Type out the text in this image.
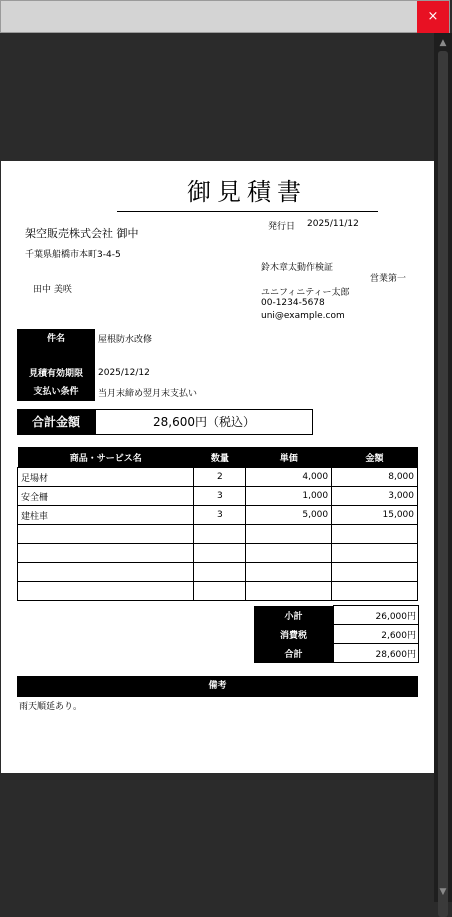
×
▲
▼
御見積書
架空販売株式会社 御中
千葉県船橋市本町3-4-5
田中 美咲
発行日 2025/11/12
鈴木章太動作検証
営業第一
ユニフィニティー太郎
00-1234-5678
uni@example.com
件名	屋根防水改修
見積有効期限	2025/12/12
支払い条件	当月末締め翌月末支払い
合計金額	28,600円（税込）
商品・サービス名	数量	単価	金額
足場材	2	4,000	8,000
安全柵	3	1,000	3,000
建柱車	3	5,000	15,000

小計	26,000円
消費税	2,600円
合計	28,600円
備考
雨天順延あり。
